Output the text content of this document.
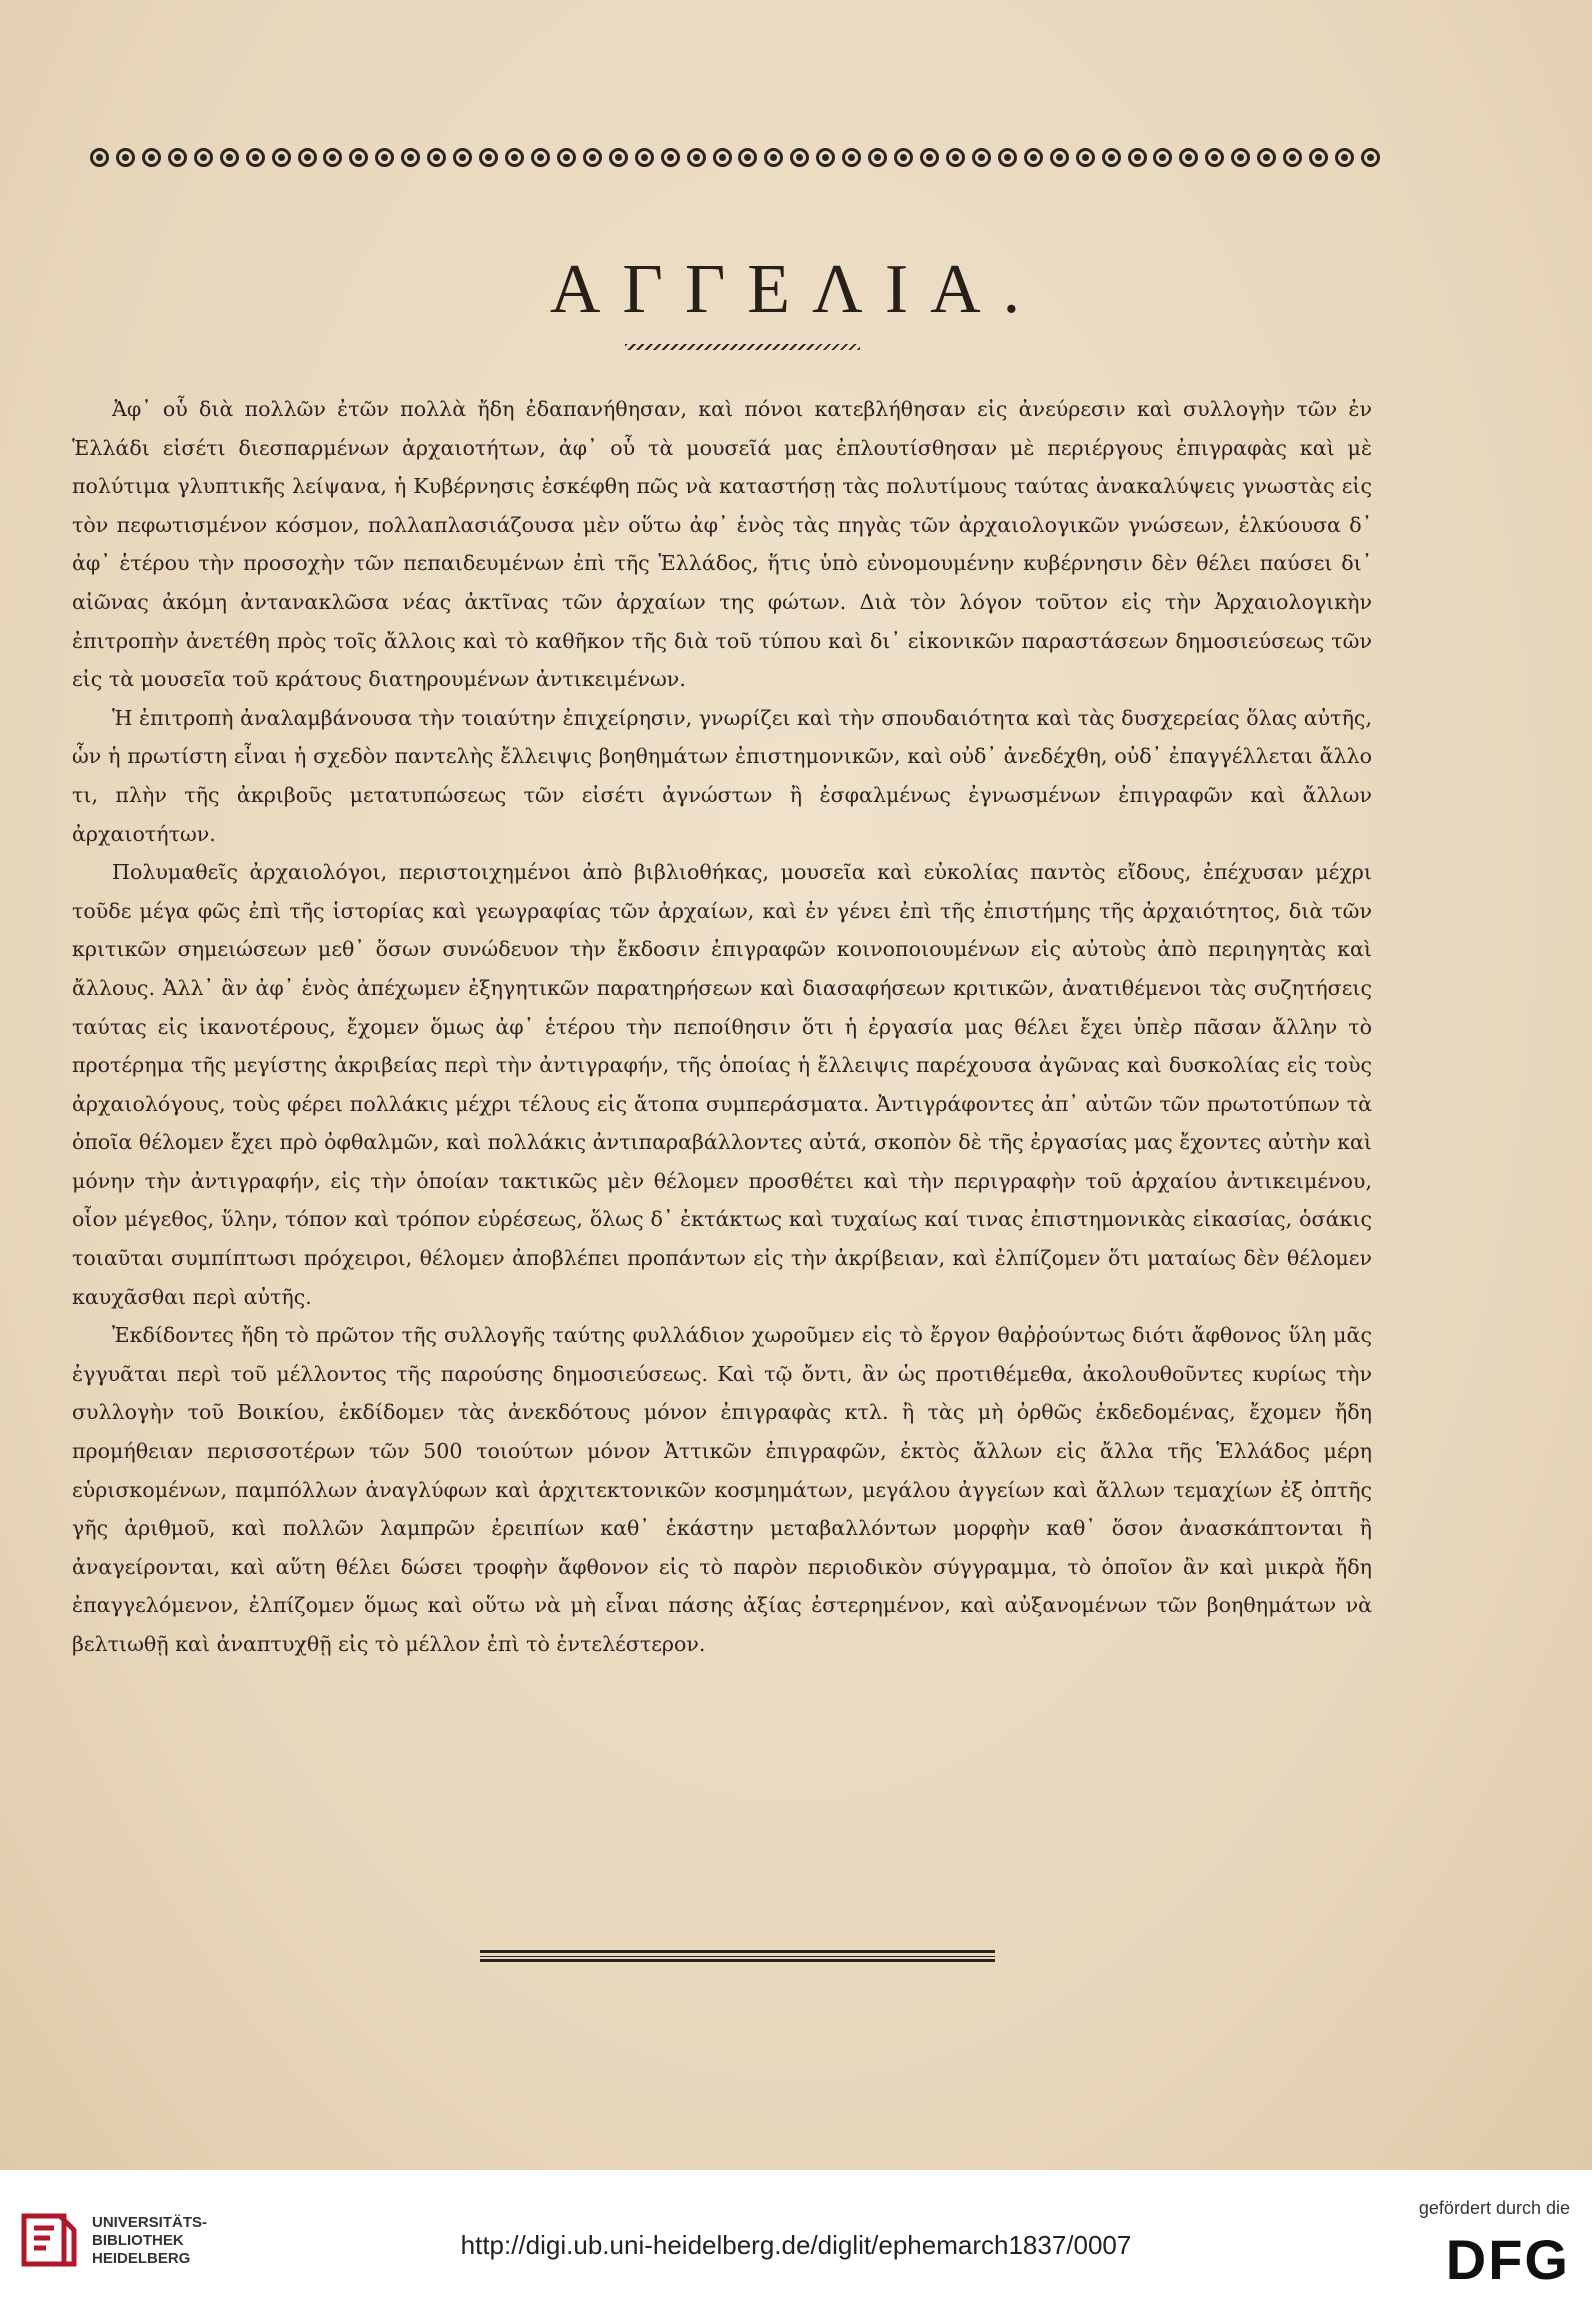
ΑΓΓΕΛΙΑ.

Ἀφ᾽ οὗ διὰ πολλῶν ἐτῶν πολλὰ ἤδη ἐδαπανήθησαν, καὶ πόνοι κατεβλήθησαν εἰς ἀνεύρεσιν καὶ συλλογὴν τῶν ἐν Ἑλλάδι εἰσέτι διεσπαρμένων ἀρχαιοτήτων, ἀφ᾽ οὗ τὰ μουσεῖά μας ἐπλουτίσθησαν μὲ περιέργους ἐπιγραφὰς καὶ μὲ πολύτιμα γλυπτικῆς λείψανα, ἡ Κυβέρνησις ἐσκέφθη πῶς νὰ καταστήσῃ τὰς πολυτίμους ταύτας ἀνακαλύψεις γνωστὰς εἰς τὸν πεφωτισμένον κόσμον, πολλαπλασιάζουσα μὲν οὕτω ἀφ᾽ ἑνὸς τὰς πηγὰς τῶν ἀρχαιολογικῶν γνώσεων, ἑλκύουσα δ᾽ ἀφ᾽ ἑτέρου τὴν προσοχὴν τῶν πεπαιδευμένων ἐπὶ τῆς Ἑλλάδος, ἥτις ὑπὸ εὐνομουμένην κυβέρνησιν δὲν θέλει παύσει δι᾽ αἰῶνας ἀκόμη ἀντανακλῶσα νέας ἀκτῖνας τῶν ἀρχαίων της φώτων. Διὰ τὸν λόγον τοῦτον εἰς τὴν Ἀρχαιολογικὴν ἐπιτροπὴν ἀνετέθη πρὸς τοῖς ἄλλοις καὶ τὸ καθῆκον τῆς διὰ τοῦ τύπου καὶ δι᾽ εἰκονικῶν παραστάσεων δημοσιεύσεως τῶν εἰς τὰ μουσεῖα τοῦ κράτους διατηρουμένων ἀντικειμένων.

Ἡ ἐπιτροπὴ ἀναλαμβάνουσα τὴν τοιαύτην ἐπιχείρησιν, γνωρίζει καὶ τὴν σπουδαιότητα καὶ τὰς δυσχερείας ὅλας αὐτῆς, ὧν ἡ πρωτίστη εἶναι ἡ σχεδὸν παντελὴς ἔλλειψις βοηθημάτων ἐπιστημονικῶν, καὶ οὐδ᾽ ἀνεδέχθη, οὐδ᾽ ἐπαγγέλλεται ἄλλο τι, πλὴν τῆς ἀκριβοῦς μετατυπώσεως τῶν εἰσέτι ἀγνώστων ἢ ἐσφαλμένως ἐγνωσμένων ἐπιγραφῶν καὶ ἄλλων ἀρχαιοτήτων.

Πολυμαθεῖς ἀρχαιολόγοι, περιστοιχημένοι ἀπὸ βιβλιοθήκας, μουσεῖα καὶ εὐκολίας παντὸς εἴδους, ἐπέχυσαν μέχρι τοῦδε μέγα φῶς ἐπὶ τῆς ἱστορίας καὶ γεωγραφίας τῶν ἀρχαίων, καὶ ἐν γένει ἐπὶ τῆς ἐπιστήμης τῆς ἀρχαιότητος, διὰ τῶν κριτικῶν σημειώσεων μεθ᾽ ὅσων συνώδευον τὴν ἔκδοσιν ἐπιγραφῶν κοινοποιουμένων εἰς αὐτοὺς ἀπὸ περιηγητὰς καὶ ἄλλους. Ἀλλ᾽ ἂν ἀφ᾽ ἑνὸς ἀπέχωμεν ἐξηγητικῶν παρατηρήσεων καὶ διασαφήσεων κριτικῶν, ἀνατιθέμενοι τὰς συζητήσεις ταύτας εἰς ἱκανοτέρους, ἔχομεν ὅμως ἀφ᾽ ἑτέρου τὴν πεποίθησιν ὅτι ἡ ἐργασία μας θέλει ἔχει ὑπὲρ πᾶσαν ἄλλην τὸ προτέρημα τῆς μεγίστης ἀκριβείας περὶ τὴν ἀντιγραφήν, τῆς ὁποίας ἡ ἔλλειψις παρέχουσα ἀγῶνας καὶ δυσκολίας εἰς τοὺς ἀρχαιολόγους, τοὺς φέρει πολλάκις μέχρι τέλους εἰς ἄτοπα συμπεράσματα. Ἀντιγράφοντες ἀπ᾽ αὐτῶν τῶν πρωτοτύπων τὰ ὁποῖα θέλομεν ἔχει πρὸ ὀφθαλμῶν, καὶ πολλάκις ἀντιπαραβάλλοντες αὐτά, σκοπὸν δὲ τῆς ἐργασίας μας ἔχοντες αὐτὴν καὶ μόνην τὴν ἀντιγραφήν, εἰς τὴν ὁποίαν τακτικῶς μὲν θέλομεν προσθέτει καὶ τὴν περιγραφὴν τοῦ ἀρχαίου ἀντικειμένου, οἷον μέγεθος, ὕλην, τόπον καὶ τρόπον εὑρέσεως, ὅλως δ᾽ ἐκτάκτως καὶ τυχαίως καί τινας ἐπιστημονικὰς εἰκασίας, ὁσάκις τοιαῦται συμπίπτωσι πρόχειροι, θέλομεν ἀποβλέπει προπάντων εἰς τὴν ἀκρίβειαν, καὶ ἐλπίζομεν ὅτι ματαίως δὲν θέλομεν καυχᾶσθαι περὶ αὐτῆς.

Ἐκδίδοντες ἤδη τὸ πρῶτον τῆς συλλογῆς ταύτης φυλλάδιον χωροῦμεν εἰς τὸ ἔργον θαῤῥούντως διότι ἄφθονος ὕλη μᾶς ἐγγυᾶται περὶ τοῦ μέλλοντος τῆς παρούσης δημοσιεύσεως. Καὶ τῷ ὄντι, ἂν ὡς προτιθέμεθα, ἀκολουθοῦντες κυρίως τὴν συλλογὴν τοῦ Βοικίου, ἐκδίδομεν τὰς ἀνεκδότους μόνον ἐπιγραφὰς κτλ. ἢ τὰς μὴ ὀρθῶς ἐκδεδομένας, ἔχομεν ἤδη προμήθειαν περισσοτέρων τῶν 500 τοιούτων μόνον Ἀττικῶν ἐπιγραφῶν, ἐκτὸς ἄλλων εἰς ἄλλα τῆς Ἑλλάδος μέρη εὑρισκομένων, παμπόλλων ἀναγλύφων καὶ ἀρχιτεκτονικῶν κοσμημάτων, μεγάλου ἀγγείων καὶ ἄλλων τεμαχίων ἐξ ὀπτῆς γῆς ἀριθμοῦ, καὶ πολλῶν λαμπρῶν ἐρειπίων καθ᾽ ἑκάστην μεταβαλλόντων μορφὴν καθ᾽ ὅσον ἀνασκάπτονται ἢ ἀναγείρονται, καὶ αὕτη θέλει δώσει τροφὴν ἄφθονον εἰς τὸ παρὸν περιοδικὸν σύγγραμμα, τὸ ὁποῖον ἂν καὶ μικρὰ ἤδη ἐπαγγελόμενον, ἐλπίζομεν ὅμως καὶ οὕτω νὰ μὴ εἶναι πάσης ἀξίας ἐστερημένον, καὶ αὐξανομένων τῶν βοηθημάτων νὰ βελτιωθῇ καὶ ἀναπτυχθῇ εἰς τὸ μέλλον ἐπὶ τὸ ἐντελέστερον.

UNIVERSITÄTS-
BIBLIOTHEK
HEIDELBERG	http://digi.ub.uni-heidelberg.de/diglit/ephemarch1837/0007
gefördert durch die
DFG
